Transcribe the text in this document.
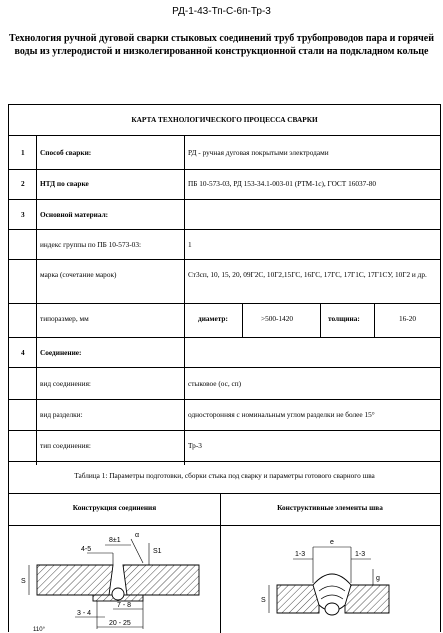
РД-1-43-Тп-С-6п-Тр-3
Технология ручной дуговой сварки стыковых соединений труб трубопроводов пара и горячей воды из углеродистой и низколегированной конструкционной стали на подкладном кольце
КАРТА ТЕХНОЛОГИЧЕСКОГО ПРОЦЕССА СВАРКИ
1 Способ сварки:	РД - ручная дуговая покрытыми электродами
2 НТД по сварке	ПБ 10-573-03, РД 153-34.1-003-01 (РТМ-1с), ГОСТ 16037-80
3 Основной материал:
индекс группы по ПБ 10-573-03:	1
марка (сочетание марок)	Ст3сп, 10, 15, 20, 09Г2С, 10Г2,15ГС, 16ГС, 17ГС, 17Г1С, 17Г1СУ, 10Г2 и др.
типоразмер, мм	диаметр:	>500-1420	толщина:	16-20
4 Соединение:
вид соединения:	стыковое (ос, сп)
вид разделки:	односторонняя с номинальным углом разделки не более 15°
тип соединения:	Тр-3
Таблица 1: Параметры подготовки, сборки стыка под сварку и параметры готового сварного шва
Конструкция соединения	Конструктивные элементы шва
8±1
4-5
α
S1
S
7 - 8
3 - 4
20 - 25
110°
e
1-3	1-3
S
g
